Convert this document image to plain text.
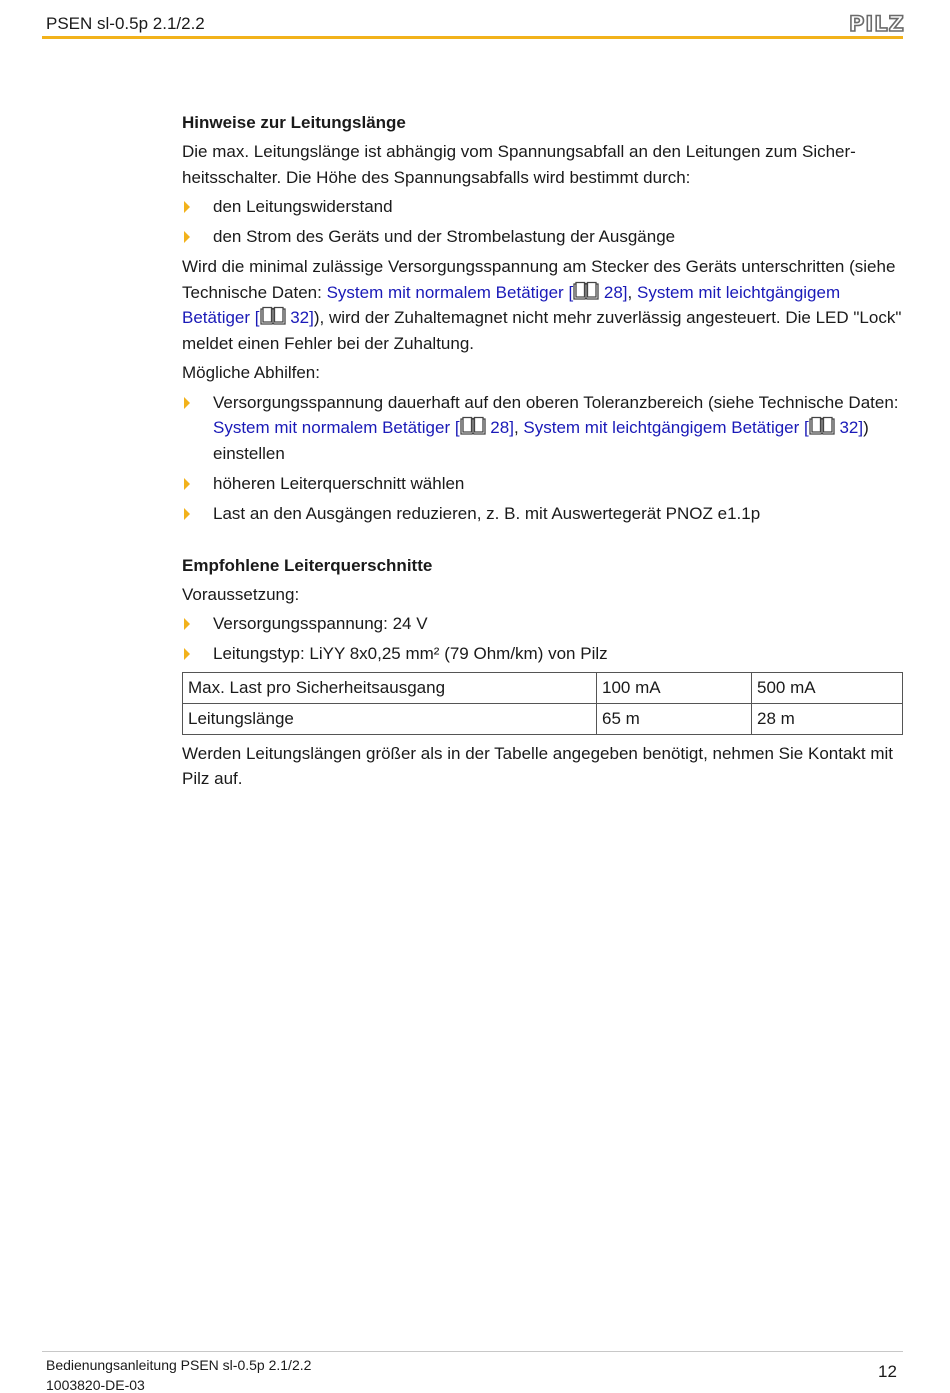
PSEN sl-0.5p 2.1/2.2	PILZ
Hinweise zur Leitungslänge

Die max. Leitungslänge ist abhängig vom Spannungsabfall an den Leitungen zum Sicherheitsschalter. Die Höhe des Spannungsabfalls wird bestimmt durch:

den Leitungswiderstand
den Strom des Geräts und der Strombelastung der Ausgänge

Wird die minimal zulässige Versorgungsspannung am Stecker des Geräts unterschritten (siehe Technische Daten: System mit normalem Betätiger [ 28], System mit leichtgängigem Betätiger [ 32]), wird der Zuhaltemagnet nicht mehr zuverlässig angesteuert. Die LED "Lock" meldet einen Fehler bei der Zuhaltung.

Mögliche Abhilfen:

Versorgungsspannung dauerhaft auf den oberen Toleranzbereich (siehe Technische Daten: System mit normalem Betätiger [ 28], System mit leichtgängigem Betätiger [ 32]) einstellen
höheren Leiterquerschnitt wählen
Last an den Ausgängen reduzieren, z. B. mit Auswertegerät PNOZ e1.1p
Empfohlene Leiterquerschnitte

Voraussetzung:

Versorgungsspannung: 24 V
Leitungstyp: LiYY 8x0,25 mm² (79 Ohm/km) von Pilz
Max. Last pro Sicherheitsausgang	100 mA	500 mA
Leitungslänge	65 m	28 m

Werden Leitungslängen größer als in der Tabelle angegeben benötigt, nehmen Sie Kontakt mit Pilz auf.

Bedienungsanleitung PSEN sl-0.5p 2.1/2.2
1003820-DE-03
12
